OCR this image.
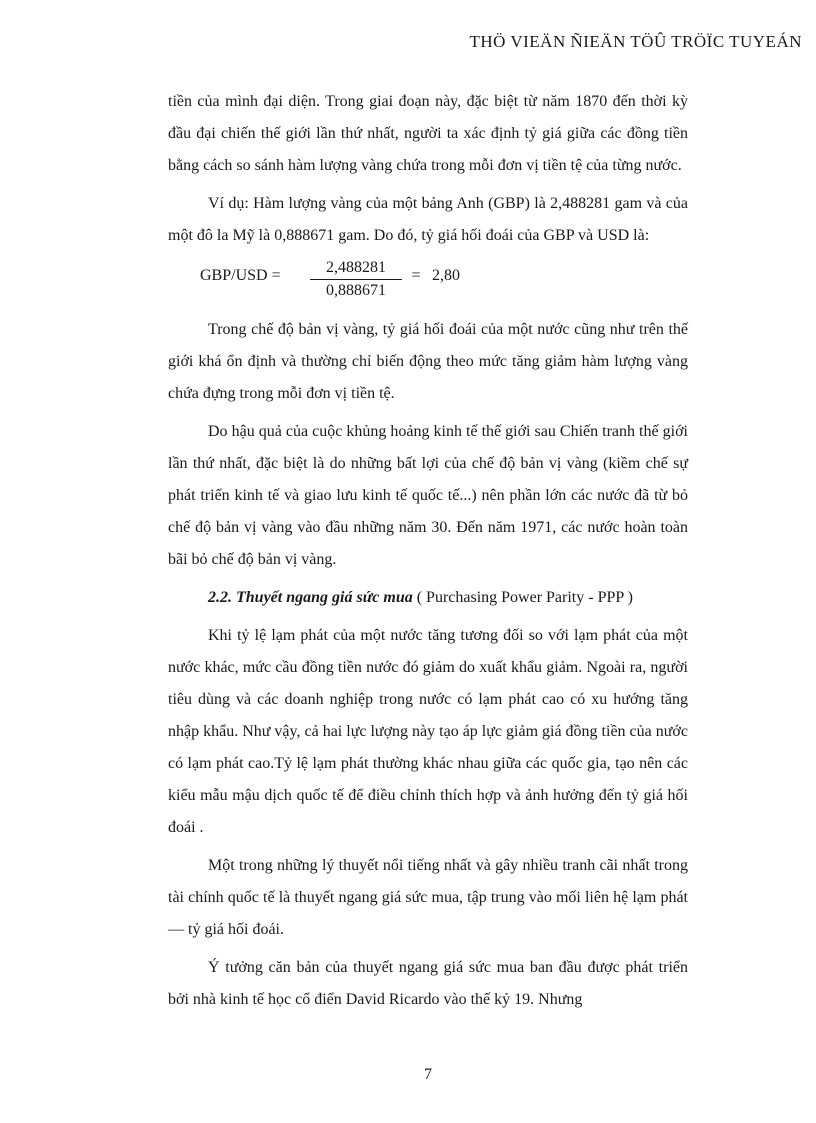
THÖ VIEÄN ÑIEÄN TÖÛ TRÖÏC TUYEÁN

tiền của mình đại diện. Trong giai đoạn này, đặc biệt từ năm 1870 đến thời kỳ đầu đại chiến thế giới lần thứ nhất, người ta xác định tỷ giá giữa các đồng tiền bằng cách so sánh hàm lượng vàng chứa trong mỗi đơn vị tiền tệ của từng nước.

Ví dụ: Hàm lượng vàng của một bảng Anh (GBP) là 2,488281 gam và của một đô la Mỹ là 0,888671 gam. Do đó, tỷ giá hối đoái của GBP và USD là:

$GBP/USD = \frac{2,488281}{0,888671} = 2,80$

Trong chế độ bản vị vàng, tỷ giá hối đoái của một nước cũng như trên thế giới khá ổn định và thường chỉ biến động theo mức tăng giảm hàm lượng vàng chứa đựng trong mỗi đơn vị tiền tệ.

Do hậu quả của cuộc khủng hoảng kinh tế thế giới sau Chiến tranh thế giới lần thứ nhất, đặc biệt là do những bất lợi của chế độ bản vị vàng (kiềm chế sự phát triển kinh tế và giao lưu kinh tế quốc tế...) nên phần lớn các nước đã từ bỏ chế độ bản vị vàng vào đầu những năm 30. Đến năm 1971, các nước hoàn toàn bãi bỏ chế độ bản vị vàng.

2.2. Thuyết ngang giá sức mua ( Purchasing Power Parity - PPP )

Khi tỷ lệ lạm phát của một nước tăng tương đối so với lạm phát của một nước khác, mức cầu đồng tiền nước đó giảm do xuất khẩu giảm. Ngoài ra, người tiêu dùng và các doanh nghiệp trong nước có lạm phát cao có xu hướng tăng nhập khẩu. Như vậy, cả hai lực lượng này tạo áp lực giảm giá đồng tiền của nước có lạm phát cao.Tỷ lệ lạm phát thường khác nhau giữa các quốc gia, tạo nên các kiểu mẫu mậu dịch quốc tế để điều chỉnh thích hợp và ảnh hưởng đến tỷ giá hối đoái .

Một trong những lý thuyết nổi tiếng nhất và gây nhiều tranh cãi nhất trong tài chính quốc tế là thuyết ngang giá sức mua, tập trung vào mối liên hệ lạm phát — tỷ giá hối đoái.

Ý tưởng căn bản của thuyết ngang giá sức mua ban đầu được phát triển bởi nhà kinh tế học cổ điển David Ricardo vào thế kỷ 19. Nhưng

7
